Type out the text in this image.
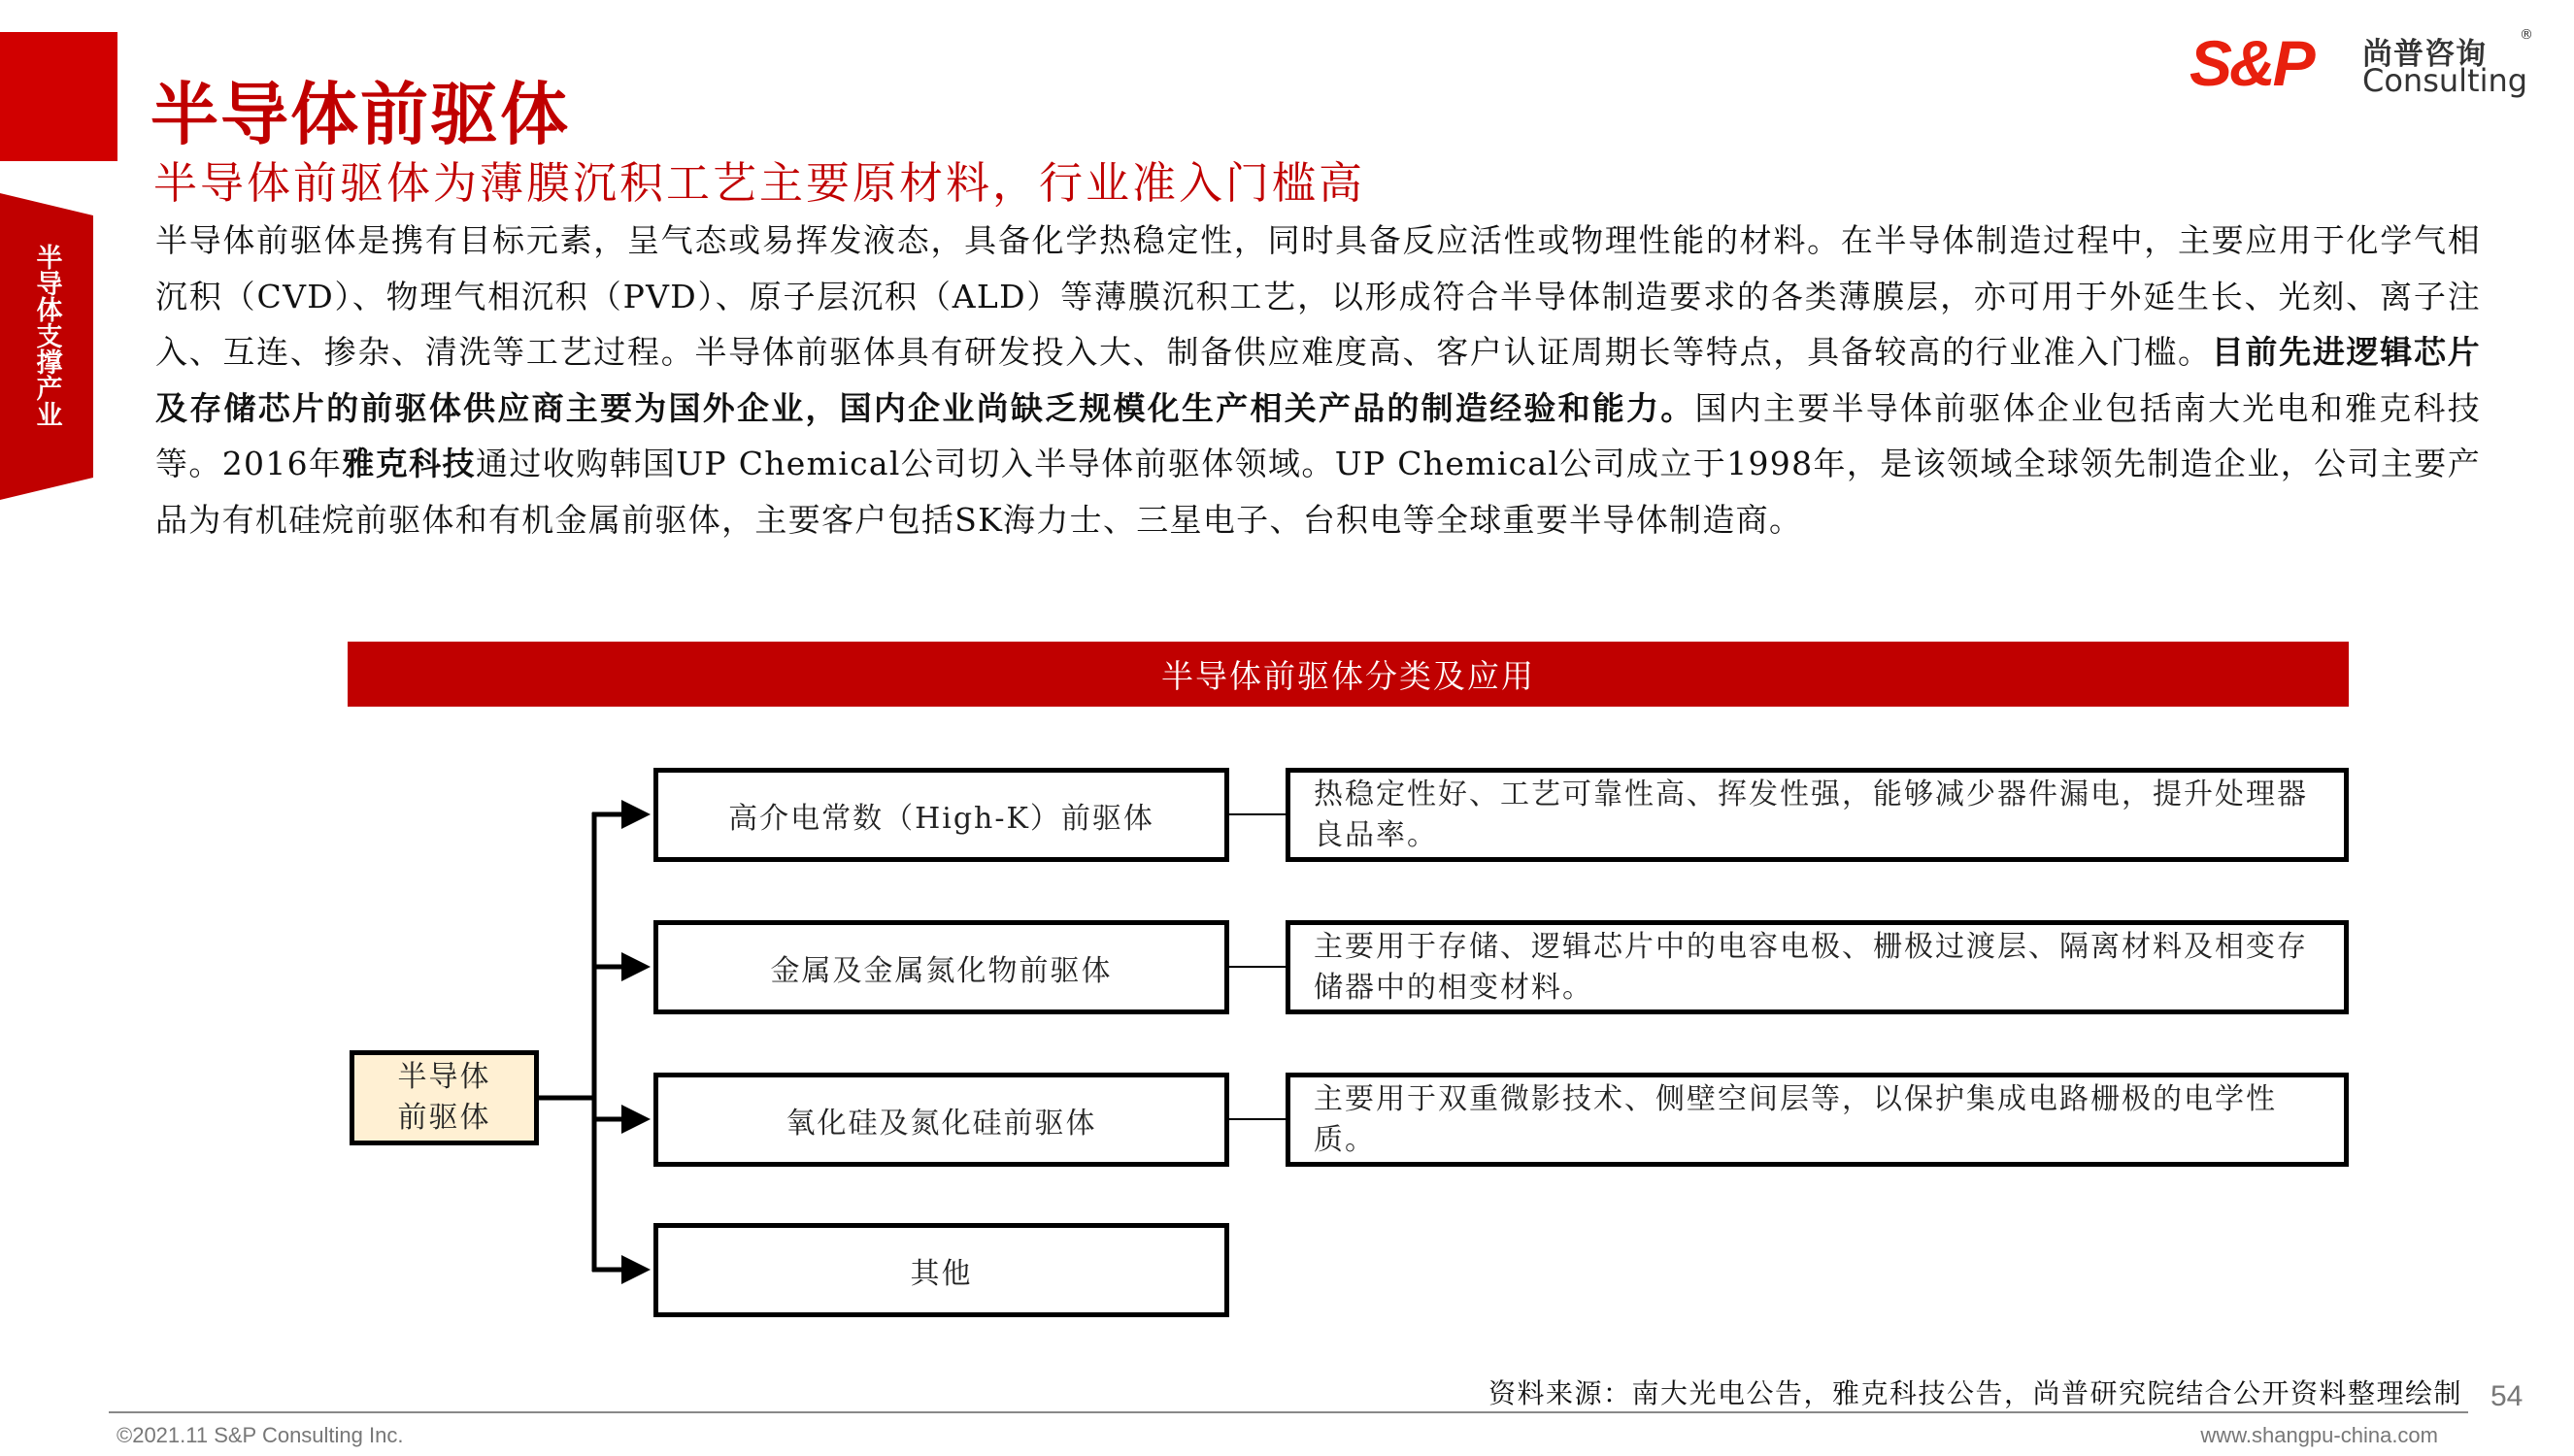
半导体支撑产业
半导体前驱体
半导体前驱体为薄膜沉积工艺主要原材料，行业准入门槛高
S&P 尚普咨询
®
Consulting
半导体前驱体是携有目标元素，呈气态或易挥发液态，具备化学热稳定性，同时具备反应活性或物理性能的材料。在半导体制造过程中，主要应用于化学气相沉积（CVD）、物理气相沉积（PVD）、原子层沉积（ALD）等薄膜沉积工艺，以形成符合半导体制造要求的各类薄膜层，亦可用于外延生长、光刻、离子注入、互连、掺杂、清洗等工艺过程。半导体前驱体具有研发投入大、制备供应难度高、客户认证周期长等特点，具备较高的行业准入门槛。目前先进逻辑芯片及存储芯片的前驱体供应商主要为国外企业，国内企业尚缺乏规模化生产相关产品的制造经验和能力。国内主要半导体前驱体企业包括南大光电和雅克科技等。2016年雅克科技通过收购韩国UP Chemical公司切入半导体前驱体领域。UP Chemical公司成立于1998年，是该领域全球领先制造企业，公司主要产品为有机硅烷前驱体和有机金属前驱体，主要客户包括SK海力士、三星电子、台积电等全球重要半导体制造商。
半导体前驱体分类及应用
半导体
前驱体
高介电常数（High-K）前驱体
金属及金属氮化物前驱体
氧化硅及氮化硅前驱体
其他
热稳定性好、工艺可靠性高、挥发性强，能够减少器件漏电，提升处理器良品率。
主要用于存储、逻辑芯片中的电容电极、栅极过渡层、隔离材料及相变存储器中的相变材料。
主要用于双重微影技术、侧壁空间层等，以保护集成电路栅极的电学性质。
资料来源：南大光电公告，雅克科技公告，尚普研究院结合公开资料整理绘制 54
©2021.11 S&P Consulting Inc.	www.shangpu-china.com
